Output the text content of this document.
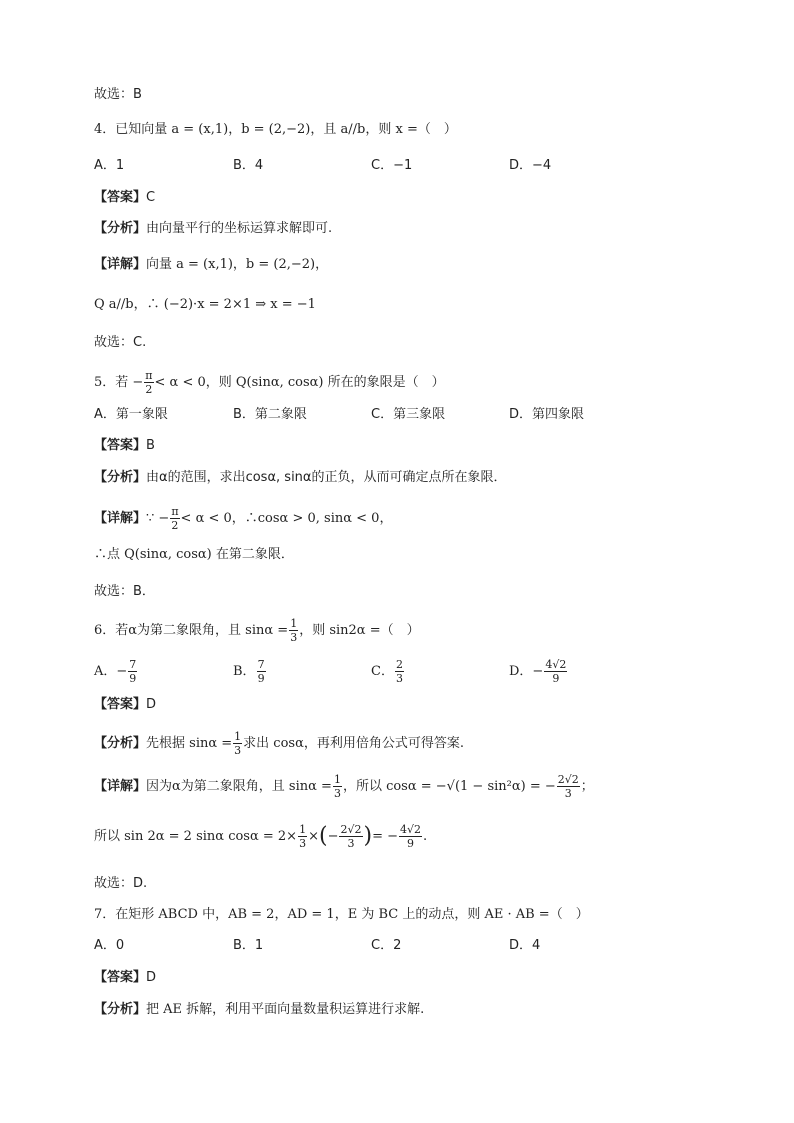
故选：B
4．已知向量 a = (x,1)，b = (2,−2)，且 a//b，则 x =（　）
A．1	B．4	C．−1	D．−4
【答案】C
【分析】由向量平行的坐标运算求解即可.
【详解】向量 a = (x,1)，b = (2,−2)，
Q a//b，∴ (−2)·x = 2×1 ⇒ x = −1
故选：C.
5．若 − $\frac{\pi}{2} < \alpha < 0$，则 Q(sinα, cosα) 所在的象限是（　）
A．第一象限	B．第二象限	C．第三象限	D．第四象限
【答案】B
【分析】由α的范围，求出cosα, sinα的正负，从而可确定点所在象限．
【详解】∵ − $\frac{\pi}{2} < \alpha < 0$，∴cosα > 0, sinα < 0，
∴点 Q(sinα, cosα) 在第二象限．
故选：B．
6．若α为第二象限角，且 $\sin\alpha = \frac{1}{3}$ ，则 sin2α =（　）
A．− $\frac{7}{9}$	B． $\frac{7}{9}$	C． $\frac{2}{3}$	D．− $\frac{4√2}{9}$
【答案】D
【分析】先根据 $\sin\alpha = \frac{1}{3}$ 求出 cosα，再利用倍角公式可得答案.
【详解】因为α为第二象限角，且 $\sin\alpha = \frac{1}{3}$ ，所以 cosα = −√(1 − sin²α) = − $\frac{2√2}{3}$ ；
所以 sin 2α = 2 sinα $\cos\alpha = 2\times \frac{1}{3}$ ×(− $\frac{2√2}{3}$ )= − $\frac{4√2}{9}$ .
故选：D.
7．在矩形 ABCD 中，AB = 2，AD = 1，E 为 BC 上的动点，则 AE · AB =（　）
A．0	B．1	C．2	D．4
【答案】D
【分析】把 AE 拆解，利用平面向量数量积运算进行求解.
